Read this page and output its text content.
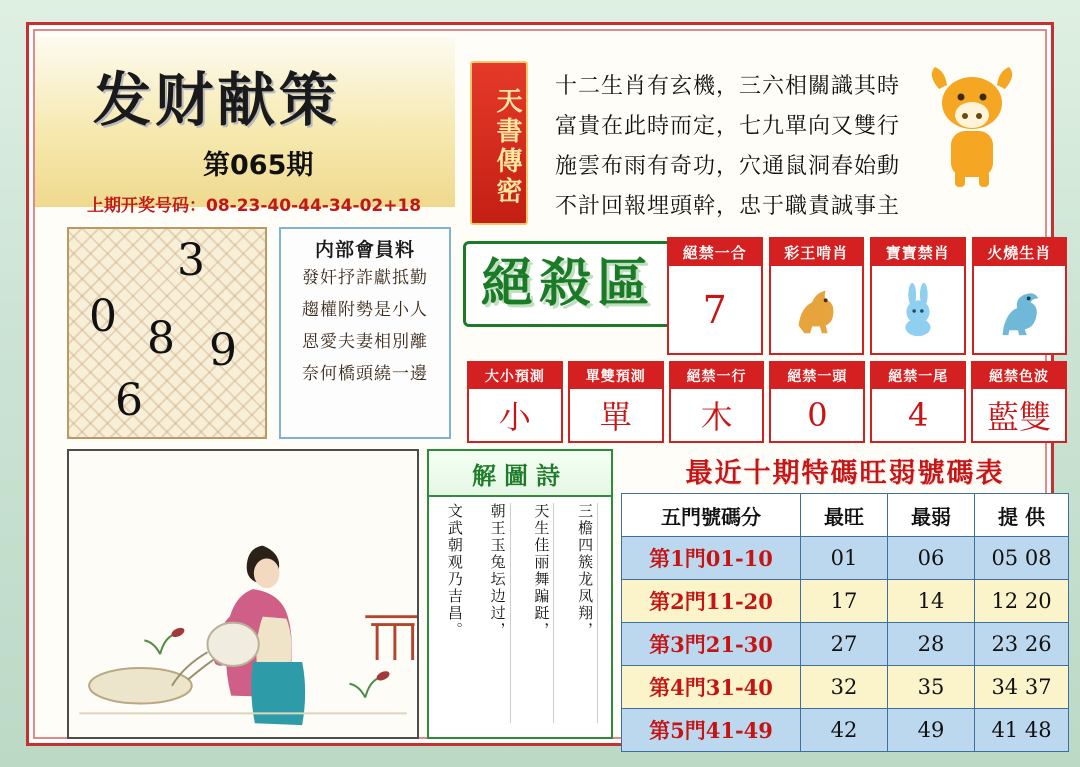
发财献策
第065期
上期开奖号码：08-23-40-44-34-02+18	天書傳密
十二生肖有玄機，三六相關識其時
富貴在此時而定，七九單向又雙行
施雲布雨有奇功，穴通鼠洞春始動
不計回報埋頭幹，忠于職責誠事主
3
0 8 9
6
内部會員料
發奸抒詐獻抵勤
趨權附勢是小人
恩愛夫妻相別離
奈何橋頭繞一邊
絕殺區
絕禁一合
7
彩王啃肖	寶寶禁肖	火燒生肖
大小預測
小
單雙預測
單
絕禁一行
木
絕禁一頭
0
絕禁一尾
4
絕禁色波
藍雙
解圖詩
三檐四簇龙凤翔，
天生佳丽舞蹁跹，
朝王玉兔坛边过，
文武朝观乃吉昌。
最近十期特碼旺弱號碼表
五門號碼分	最旺	最弱	提 供
第1門01-10	01	06	05 08
第2門11-20	17	14	12 20
第3門21-30	27	28	23 26
第4門31-40	32	35	34 37
第5門41-49	42	49	41 48
